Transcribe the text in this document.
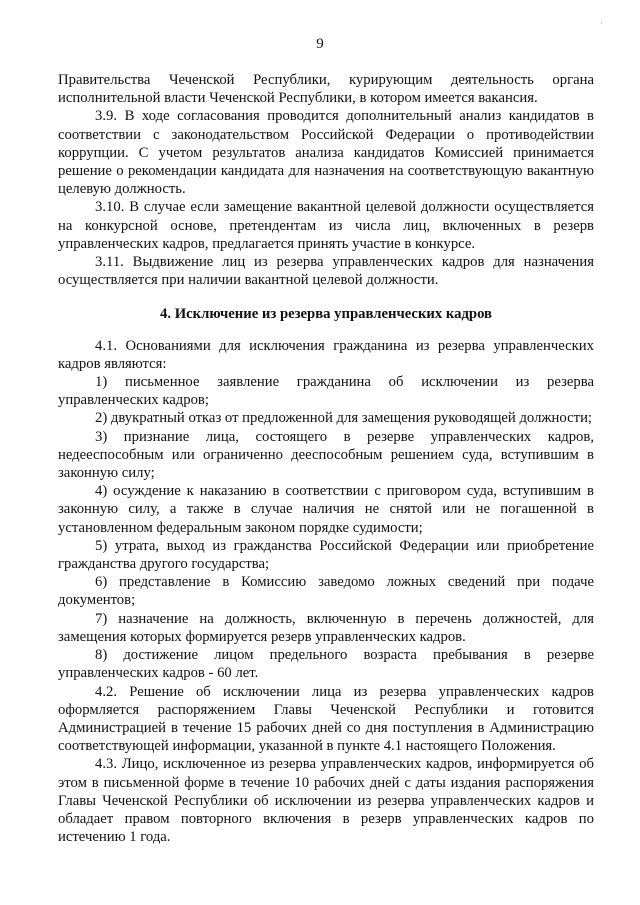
9
·

Правительства Чеченской Республики, курирующим деятельность органа исполнительной власти Чеченской Республики, в котором имеется вакансия.

3.9. В ходе согласования проводится дополнительный анализ кандидатов в соответствии с законодательством Российской Федерации о противодействии коррупции. С учетом результатов анализа кандидатов Комиссией принимается решение о рекомендации кандидата для назначения на соответствующую вакантную целевую должность.

3.10. В случае если замещение вакантной целевой должности осуществляется на конкурсной основе, претендентам из числа лиц, включенных в резерв управленческих кадров, предлагается принять участие в конкурсе.

3.11. Выдвижение лиц из резерва управленческих кадров для назначения осуществляется при наличии вакантной целевой должности.

4. Исключение из резерва управленческих кадров

4.1. Основаниями для исключения гражданина из резерва управленческих кадров являются:

1) письменное заявление гражданина об исключении из резерва управленческих кадров;

2) двукратный отказ от предложенной для замещения руководящей должности;

3) признание лица, состоящего в резерве управленческих кадров, недееспособным или ограниченно дееспособным решением суда, вступившим в законную силу;

4) осуждение к наказанию в соответствии с приговором суда, вступившим в законную силу, а также в случае наличия не снятой или не погашенной в установленном федеральным законом порядке судимости;

5) утрата, выход из гражданства Российской Федерации или приобретение гражданства другого государства;

6) представление в Комиссию заведомо ложных сведений при подаче документов;

7) назначение на должность, включенную в перечень должностей, для замещения которых формируется резерв управленческих кадров.

8) достижение лицом предельного возраста пребывания в резерве управленческих кадров - 60 лет.

4.2. Решение об исключении лица из резерва управленческих кадров оформляется распоряжением Главы Чеченской Республики и готовится Администрацией в течение 15 рабочих дней со дня поступления в Администрацию соответствующей информации, указанной в пункте 4.1 настоящего Положения.

4.3. Лицо, исключенное из резерва управленческих кадров, информируется об этом в письменной форме в течение 10 рабочих дней с даты издания распоряжения Главы Чеченской Республики об исключении из резерва управленческих кадров и обладает правом повторного включения в резерв управленческих кадров по истечению 1 года.
